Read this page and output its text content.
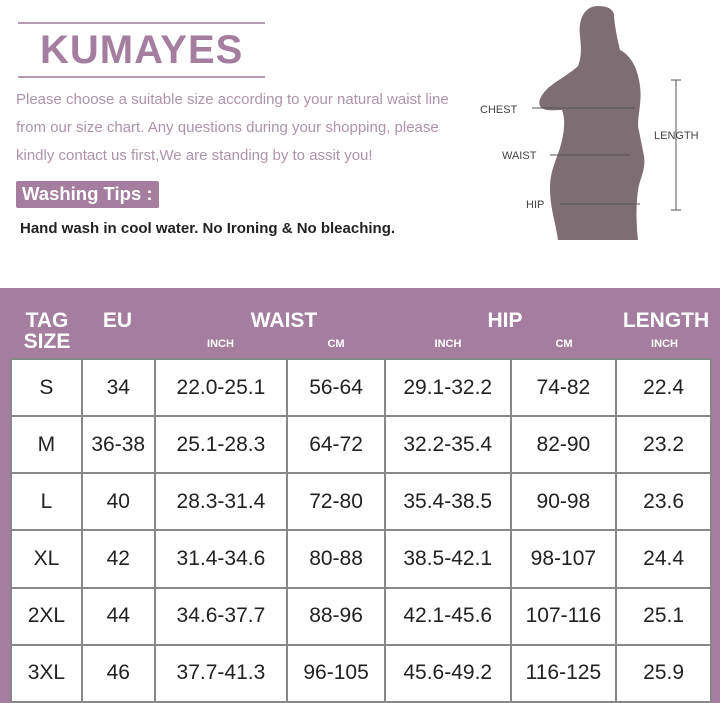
KUMAYES
Please choose a suitable size according to your natural waist line from our size chart. Any questions during your shopping, please kindly contact us first,We are standing by to assit you!
Washing Tips :
Hand wash in cool water. No Ironing & No bleaching.
CHEST
WAIST
HIP
LENGTH
TAG
SIZE
EU	WAIST	HIP	LENGTH
INCH	CM	INCH	CM	INCH
S	34	22.0-25.1	56-64	29.1-32.2	74-82	22.4
M	36-38	25.1-28.3	64-72	32.2-35.4	82-90	23.2
L	40	28.3-31.4	72-80	35.4-38.5	90-98	23.6
XL	42	31.4-34.6	80-88	38.5-42.1	98-107	24.4
2XL	44	34.6-37.7	88-96	42.1-45.6	107-116	25.1
3XL	46	37.7-41.3	96-105	45.6-49.2	116-125	25.9
